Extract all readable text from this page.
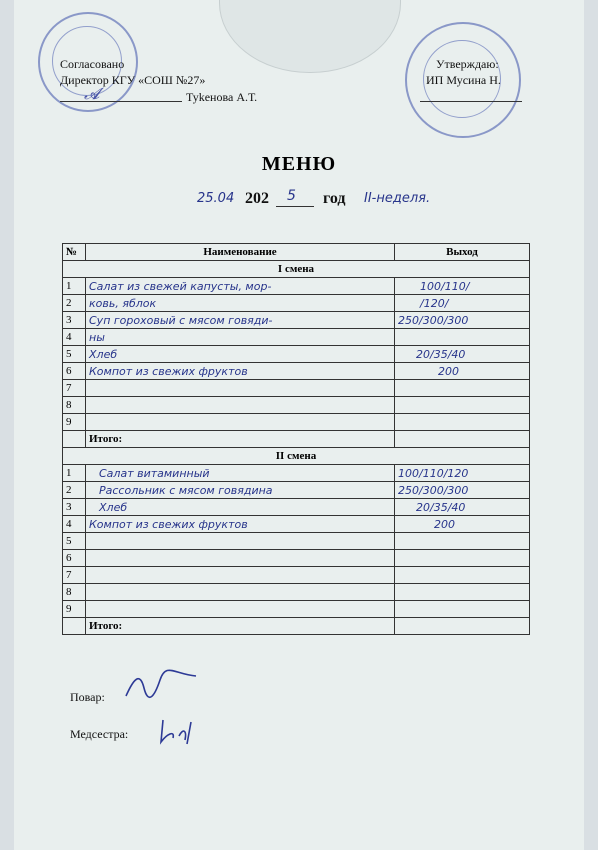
Согласовано
Директор КГУ «СОШ №27»
𝓐	Туkенова А.Т.
Утверждаю:
ИП Мусина Н.
МЕНЮ
25.04 202 5 год II-неделя.
№	Наименование	Выход
I смена		
1	Салат из свежей капусты, мор-	100/110/
2	ковь, яблок	/120/
3	Суп гороховый с мясом говяди-	250/300/300
4	ны	
5	Хлеб	20/35/40
6	Компот из свежих фруктов	200
7		
8		
9		
	Итого:	
II смена		
1	Салат витаминный	100/110/120
2	Рассольник с мясом говядина	250/300/300
3	Хлеб	20/35/40
4	Компот из свежих фруктов	200
5		
6		
7		
8		
9		
	Итого:	
Повар:
Медсестра:
